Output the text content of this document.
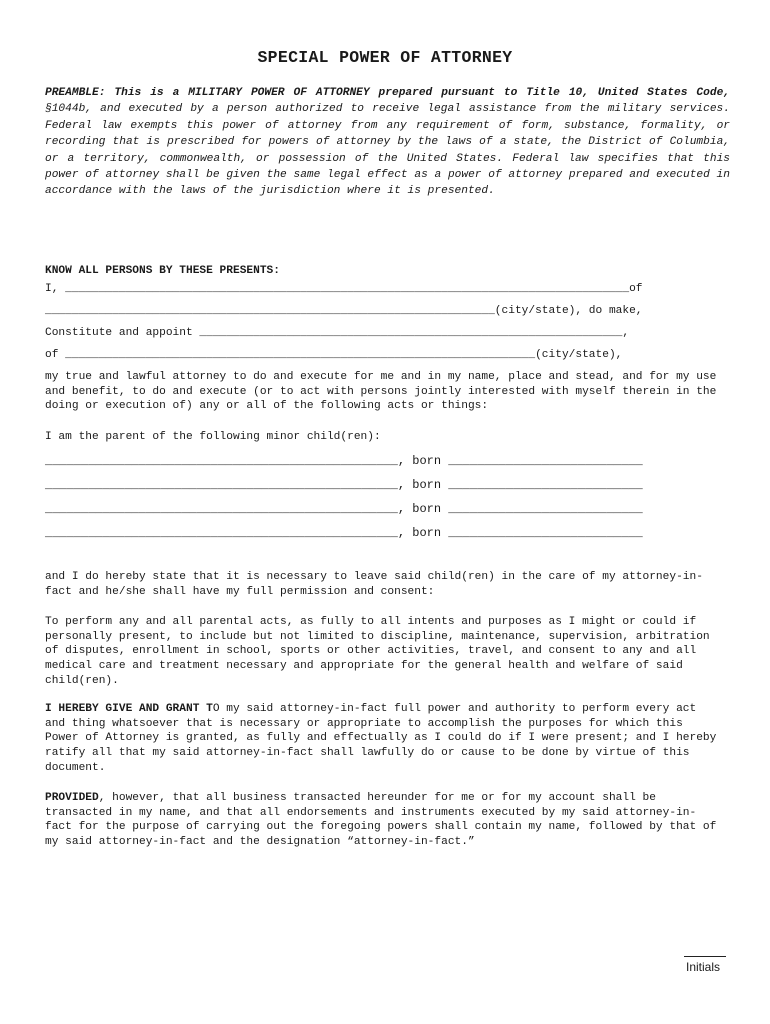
SPECIAL POWER OF ATTORNEY
PREAMBLE: This is a MILITARY POWER OF ATTORNEY prepared pursuant to Title 10, United States Code, §1044b, and executed by a person authorized to receive legal assistance from the military services. Federal law exempts this power of attorney from any requirement of form, substance, formality, or recording that is prescribed for powers of attorney by the laws of a state, the District of Columbia, or a territory, commonwealth, or possession of the United States. Federal law specifies that this power of attorney shall be given the same legal effect as a power of attorney prepared and executed in accordance with the laws of the jurisdiction where it is presented.
KNOW ALL PERSONS BY THESE PRESENTS:
I, ____________________________________________________________________________________of
___________________________________________________________________(city/state), do make,
Constitute and appoint _______________________________________________________________,
of ______________________________________________________________________(city/state),
my true and lawful attorney to do and execute for me and in my name, place and stead, and for my use and benefit, to do and execute (or to act with persons jointly interested with myself therein in the doing or execution of) any or all of the following acts or things:
I am the parent of the following minor child(ren):
_________________________________________________, born ___________________________
_________________________________________________, born ___________________________
_________________________________________________, born ___________________________
_________________________________________________, born ___________________________
and I do hereby state that it is necessary to leave said child(ren) in the care of my attorney-in-fact and he/she shall have my full permission and consent:
To perform any and all parental acts, as fully to all intents and purposes as I might or could if personally present, to include but not limited to discipline, maintenance, supervision, arbitration of disputes, enrollment in school, sports or other activities, travel, and consent to any and all medical care and treatment necessary and appropriate for the general health and welfare of said child(ren).
I HEREBY GIVE AND GRANT TO my said attorney-in-fact full power and authority to perform every act and thing whatsoever that is necessary or appropriate to accomplish the purposes for which this Power of Attorney is granted, as fully and effectually as I could do if I were present; and I hereby ratify all that my said attorney-in-fact shall lawfully do or cause to be done by virtue of this document.
PROVIDED, however, that all business transacted hereunder for me or for my account shall be transacted in my name, and that all endorsements and instruments executed by my said attorney-in-fact for the purpose of carrying out the foregoing powers shall contain my name, followed by that of my said attorney-in-fact and the designation “attorney-in-fact.”
Initials
